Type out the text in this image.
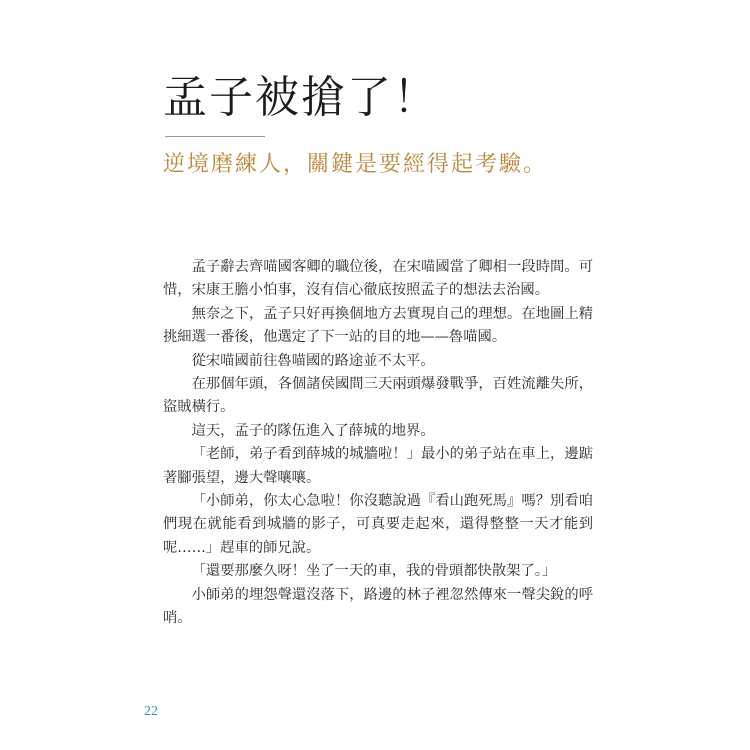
孟子被搶了！
逆境磨練人，關鍵是要經得起考驗。

孟子辭去齊喵國客卿的職位後，在宋喵國當了卿相一段時間。可惜，宋康王膽小怕事，沒有信心徹底按照孟子的想法去治國。

無奈之下，孟子只好再換個地方去實現自己的理想。在地圖上精挑細選一番後，他選定了下一站的目的地——魯喵國。

從宋喵國前往魯喵國的路途並不太平。

在那個年頭，各個諸侯國間三天兩頭爆發戰爭，百姓流離失所，盜賊橫行。

這天，孟子的隊伍進入了薛城的地界。

「老師，弟子看到薛城的城牆啦！」最小的弟子站在車上，邊踮著腳張望，邊大聲嚷嚷。

「小師弟，你太心急啦！你沒聽說過『看山跑死馬』嗎？別看咱們現在就能看到城牆的影子，可真要走起來，還得整整一天才能到呢……」趕車的師兄說。

「還要那麼久呀！坐了一天的車，我的骨頭都快散架了。」

小師弟的埋怨聲還沒落下，路邊的林子裡忽然傳來一聲尖銳的呼哨。

22
